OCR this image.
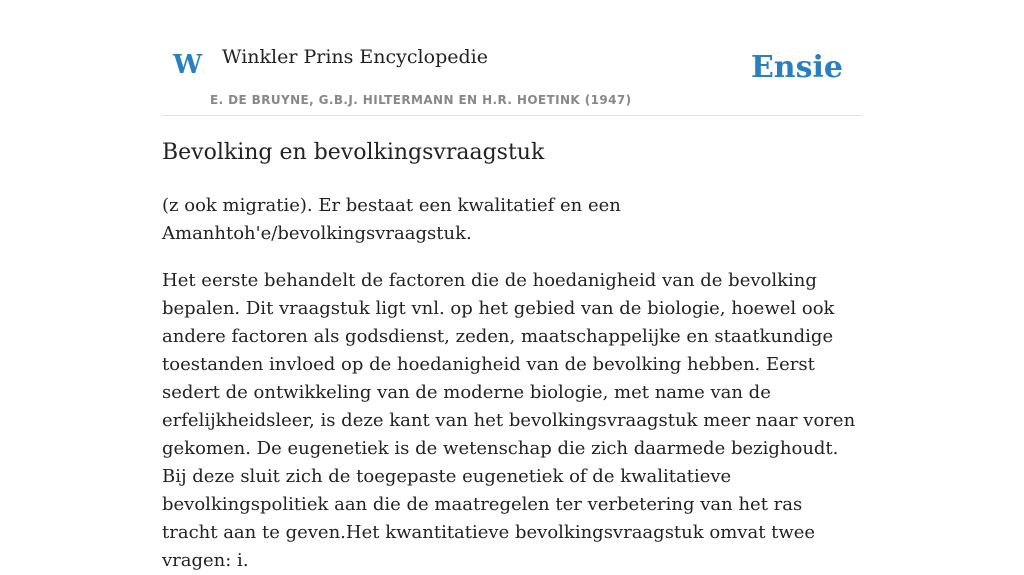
W Winkler Prins Encyclopedie
E. DE BRUYNE, G.B.J. HILTERMANN EN H.R. HOETINK (1947)
Ensie
Bevolking en bevolkingsvraagstuk

(z ook migratie). Er bestaat een kwalitatief en een Amanhtoh'e/bevolkingsvraagstuk.

Het eerste behandelt de factoren die de hoedanigheid van de bevolking bepalen. Dit vraagstuk ligt vnl. op het gebied van de biologie, hoewel ook andere factoren als godsdienst, zeden, maatschappelijke en staatkundige toestanden invloed op de hoedanigheid van de bevolking hebben. Eerst sedert de ontwikkeling van de moderne biologie, met name van de erfelijkheidsleer, is deze kant van het bevolkingsvraagstuk meer naar voren gekomen. De eugenetiek is de wetenschap die zich daarmede bezighoudt. Bij deze sluit zich de toegepaste eugenetiek of de kwalitatieve bevolkingspolitiek aan die de maatregelen ter verbetering van het ras tracht aan te geven.Het kwantitatieve bevolkingsvraagstuk omvat twee vragen: i.
